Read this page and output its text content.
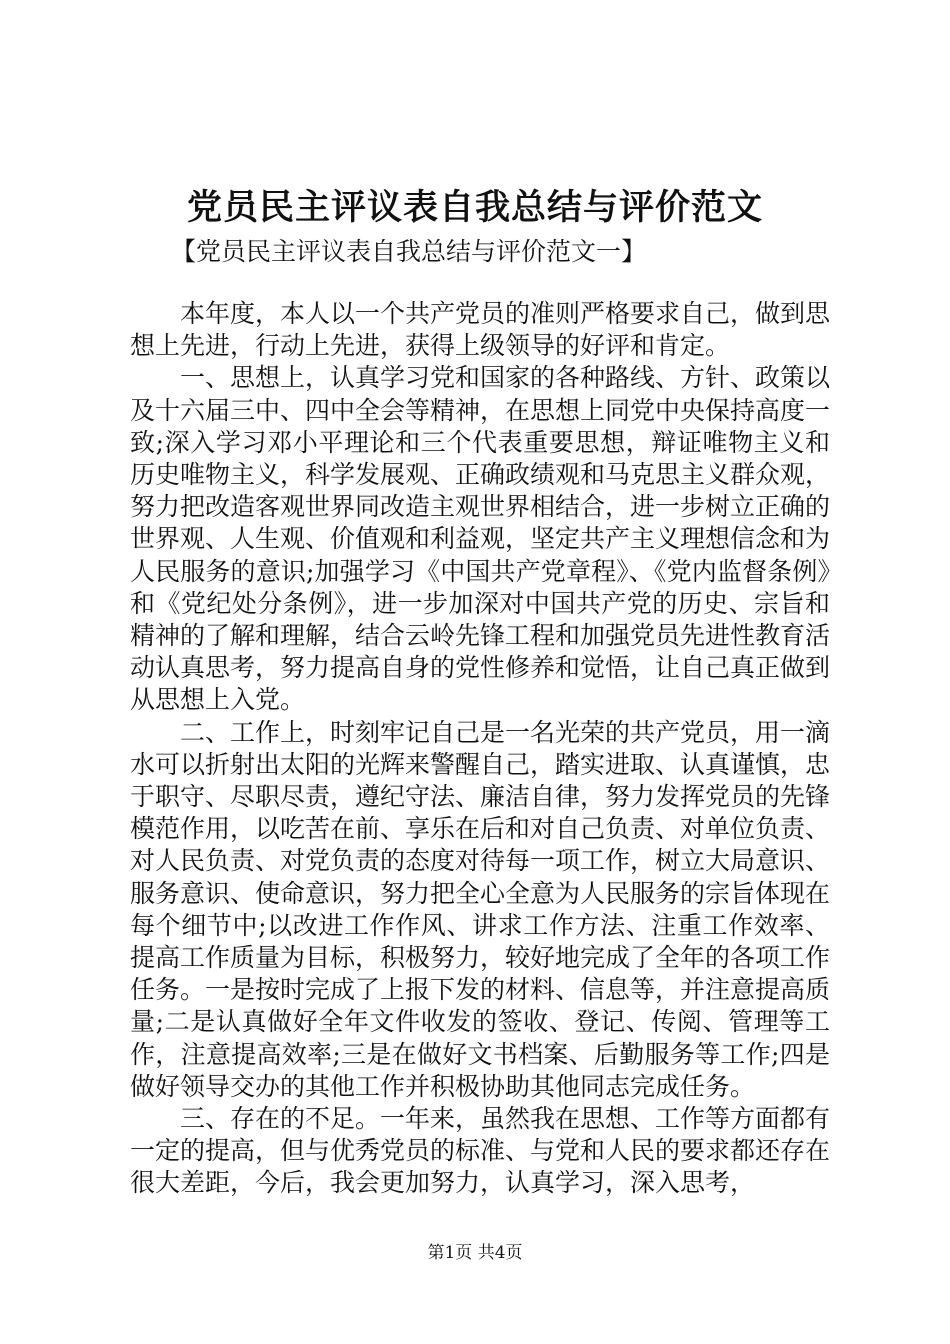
党员民主评议表自我总结与评价范文
【党员民主评议表自我总结与评价范文一】

本年度，本人以一个共产党员的准则严格要求自己，做到思想上先进，行动上先进，获得上级领导的好评和肯定。

一、思想上，认真学习党和国家的各种路线、方针、政策以及十六届三中、四中全会等精神，在思想上同党中央保持高度一致;深入学习邓小平理论和三个代表重要思想，辩证唯物主义和历史唯物主义，科学发展观、正确政绩观和马克思主义群众观，努力把改造客观世界同改造主观世界相结合，进一步树立正确的世界观、人生观、价值观和利益观，坚定共产主义理想信念和为人民服务的意识;加强学习《中国共产党章程》、《党内监督条例》和《党纪处分条例》，进一步加深对中国共产党的历史、宗旨和精神的了解和理解，结合云岭先锋工程和加强党员先进性教育活动认真思考，努力提高自身的党性修养和觉悟，让自己真正做到从思想上入党。

二、工作上，时刻牢记自己是一名光荣的共产党员，用一滴水可以折射出太阳的光辉来警醒自己，踏实进取、认真谨慎，忠于职守、尽职尽责，遵纪守法、廉洁自律，努力发挥党员的先锋模范作用，以吃苦在前、享乐在后和对自己负责、对单位负责、对人民负责、对党负责的态度对待每一项工作，树立大局意识、服务意识、使命意识，努力把全心全意为人民服务的宗旨体现在每个细节中;以改进工作作风、讲求工作方法、注重工作效率、提高工作质量为目标，积极努力，较好地完成了全年的各项工作任务。一是按时完成了上报下发的材料、信息等，并注意提高质量;二是认真做好全年文件收发的签收、登记、传阅、管理等工作，注意提高效率;三是在做好文书档案、后勤服务等工作;四是做好领导交办的其他工作并积极协助其他同志完成任务。

三、存在的不足。一年来，虽然我在思想、工作等方面都有一定的提高，但与优秀党员的标准、与党和人民的要求都还存在很大差距，今后，我会更加努力，认真学习，深入思考，

第1页 共4页
